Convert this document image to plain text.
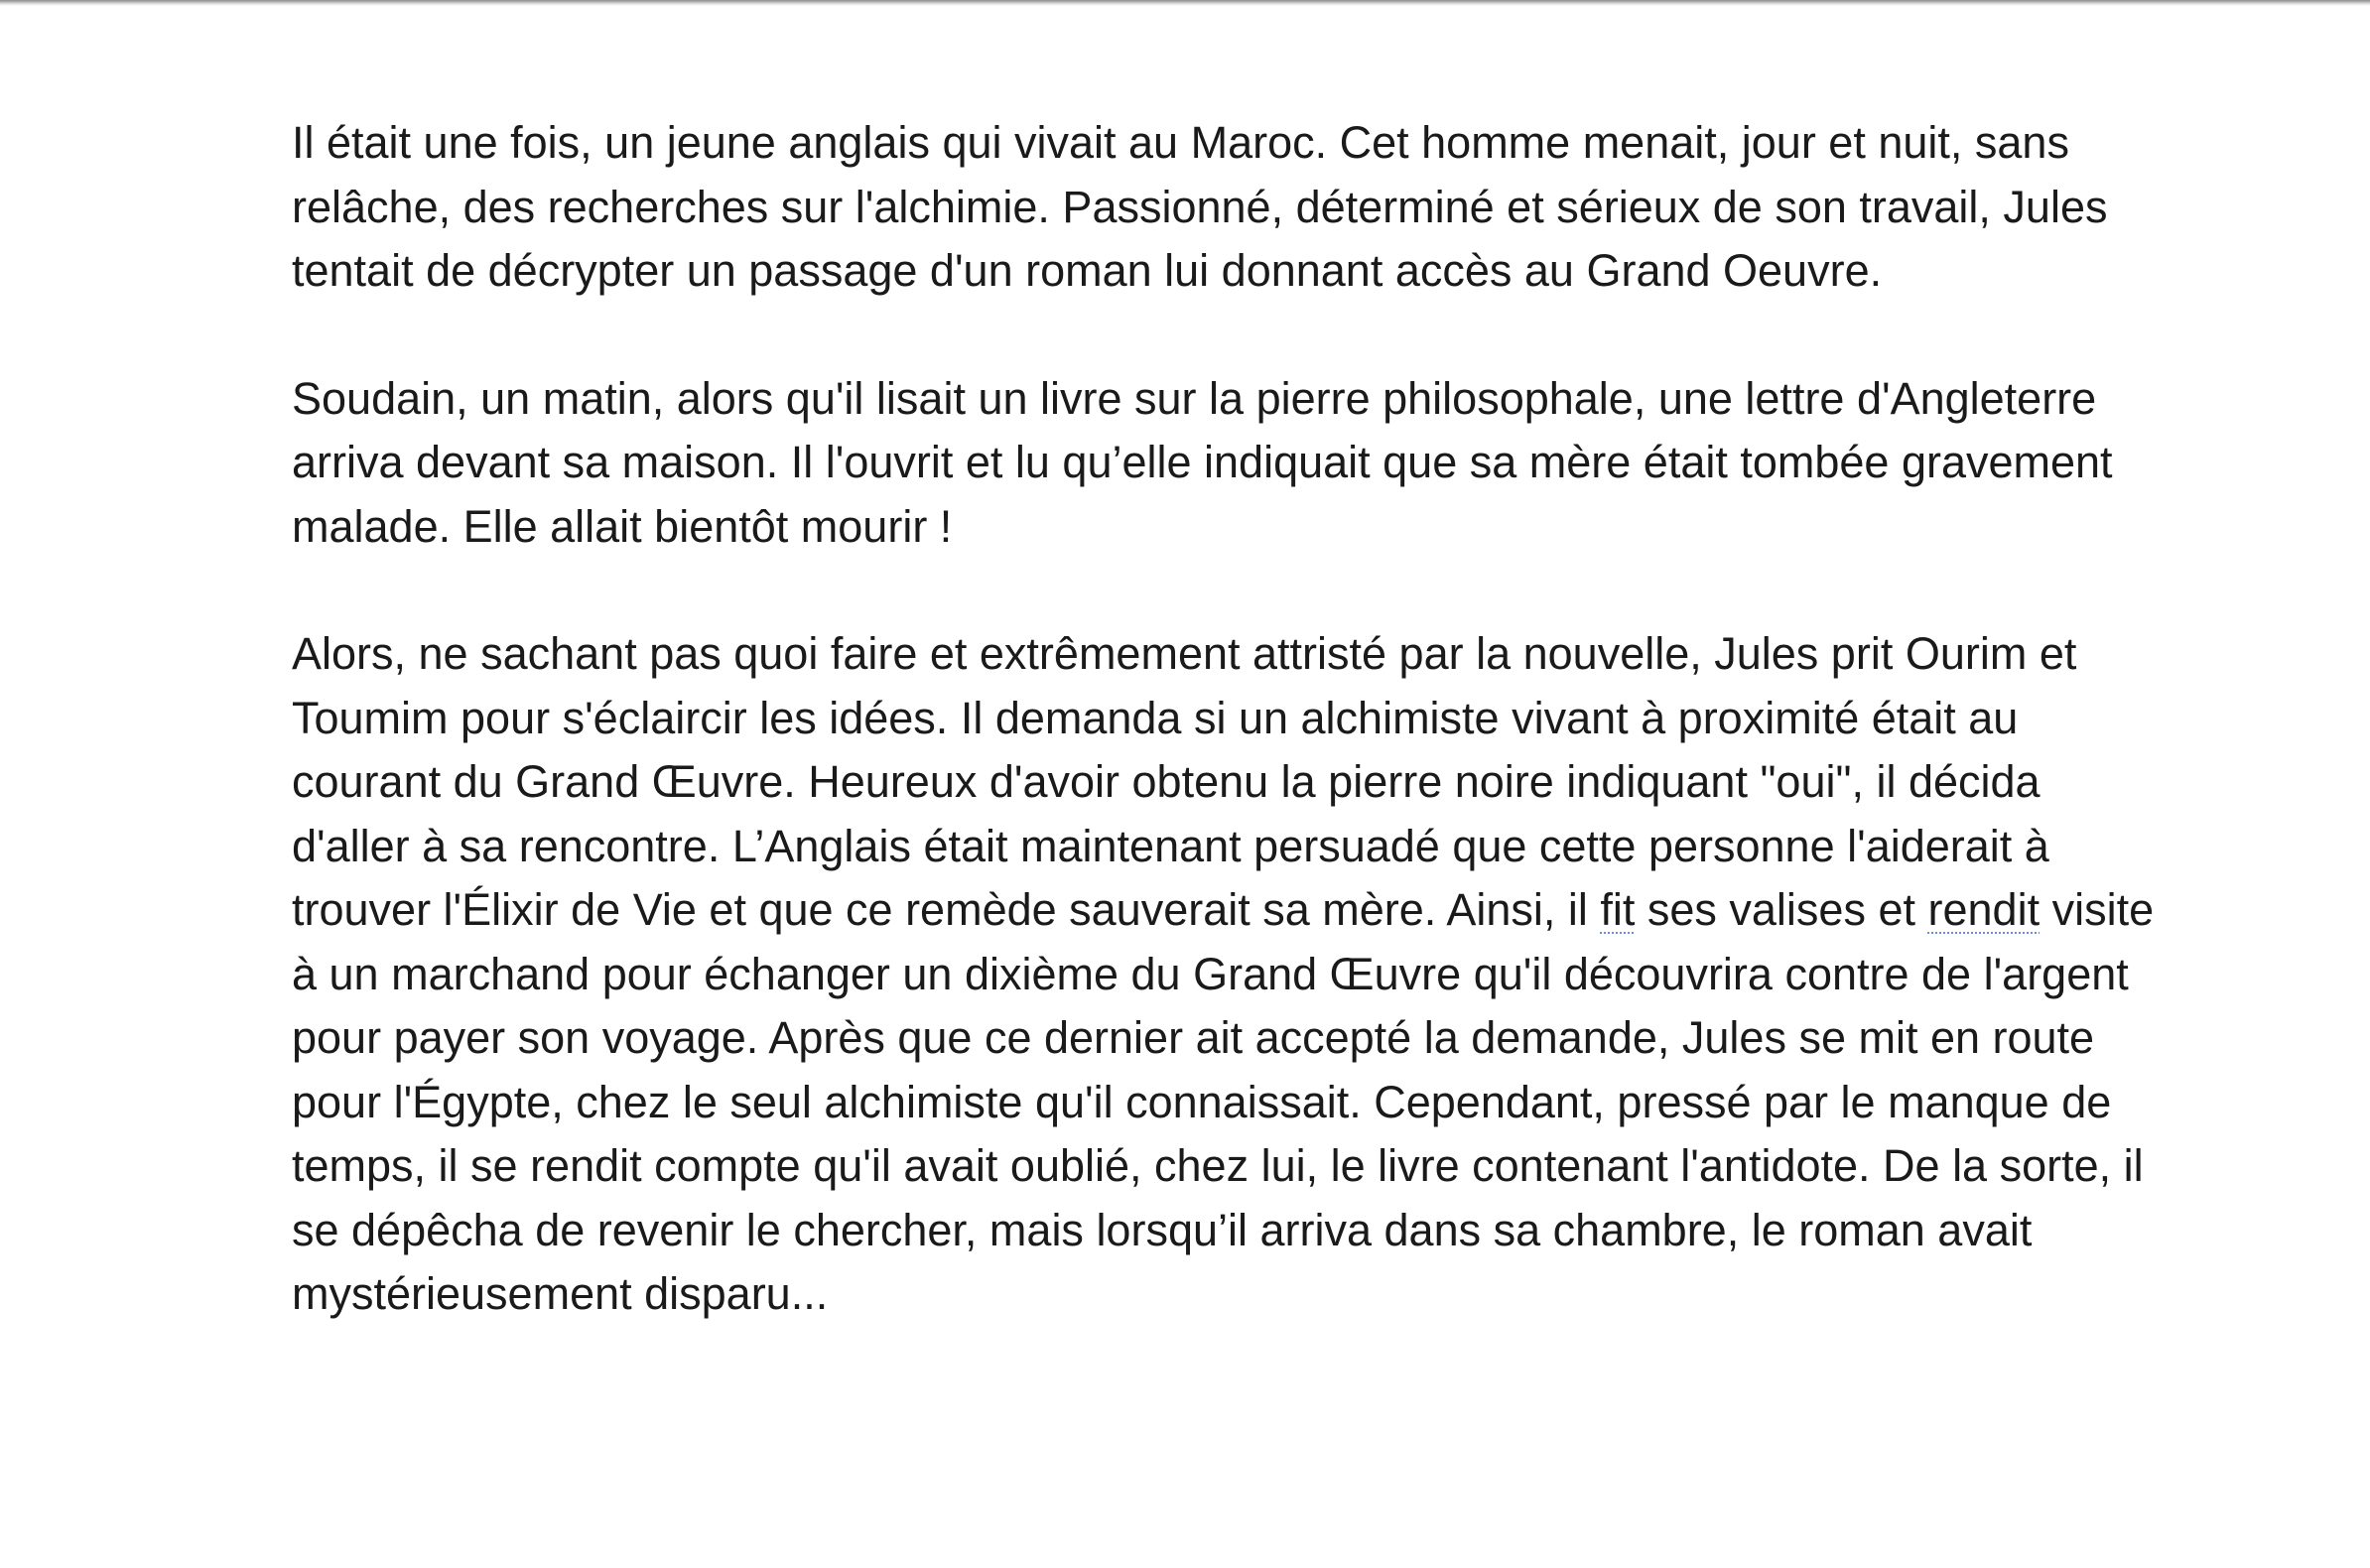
Il était une fois, un jeune anglais qui vivait au Maroc. Cet homme menait, jour et nuit, sans relâche, des recherches sur l'alchimie. Passionné, déterminé et sérieux de son travail, Jules tentait de décrypter un passage d'un roman lui donnant accès au Grand Oeuvre.

Soudain, un matin, alors qu'il lisait un livre sur la pierre philosophale, une lettre d'Angleterre arriva devant sa maison. Il l'ouvrit et lu qu’elle indiquait que sa mère était tombée gravement malade. Elle allait bientôt mourir !

Alors, ne sachant pas quoi faire et extrêmement attristé par la nouvelle, Jules prit Ourim et Toumim pour s'éclaircir les idées. Il demanda si un alchimiste vivant à proximité était au courant du Grand Œuvre. Heureux d'avoir obtenu la pierre noire indiquant "oui", il décida d'aller à sa rencontre. L’Anglais était maintenant persuadé que cette personne l'aiderait à trouver l'Élixir de Vie et que ce remède sauverait sa mère. Ainsi, il fit ses valises et rendit visite à un marchand pour échanger un dixième du Grand Œuvre qu'il découvrira contre de l'argent pour payer son voyage. Après que ce dernier ait accepté la demande, Jules se mit en route pour l'Égypte, chez le seul alchimiste qu'il connaissait. Cependant, pressé par le manque de temps, il se rendit compte qu'il avait oublié, chez lui, le livre contenant l'antidote. De la sorte, il se dépêcha de revenir le chercher, mais lorsqu’il arriva dans sa chambre, le roman avait mystérieusement disparu...
